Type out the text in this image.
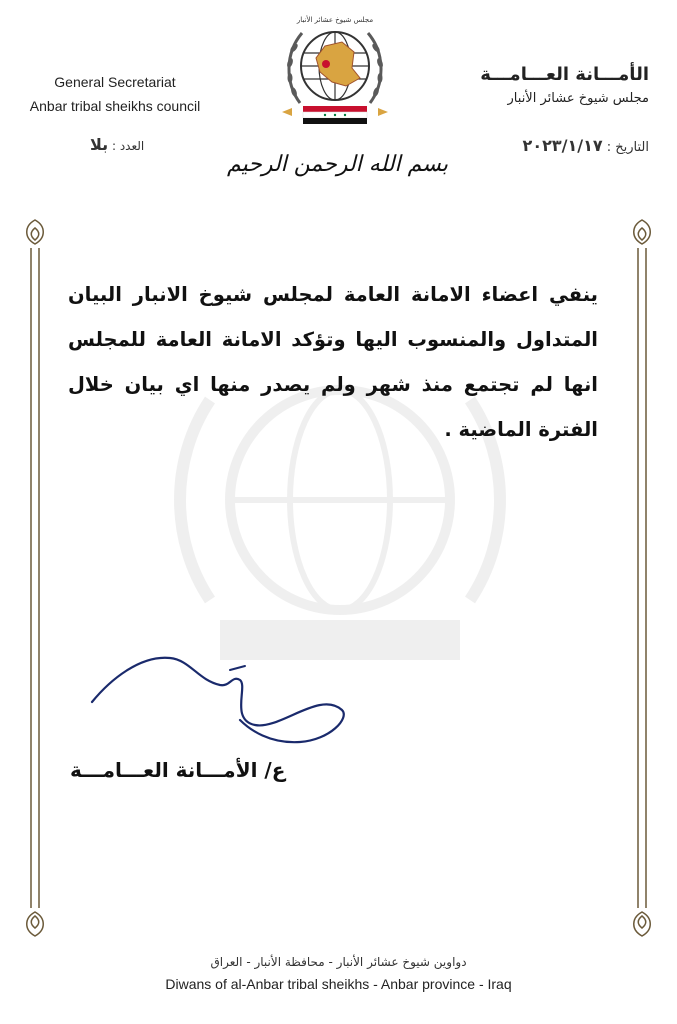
General Secretariat
Anbar tribal sheikhs council
الأمـــانة العـــامـــة
مجلس شيوخ عشائر الأنبار
مجلس شيوخ عشائر الأنبار
العدد : بلا	التاريخ : ٢٠٢٣/١/١٧
بسم الله الرحمن الرحيم
ينفي اعضاء الامانة العامة لمجلس شيوخ الانبار البيان المتداول والمنسوب اليها وتؤكد الامانة العامة للمجلس انها لم تجتمع منذ شهر ولم يصدر منها اي بيان خلال الفترة الماضية .
ع/ الأمـــانة العـــامـــة
دواوين شيوخ عشائر الأنبار - محافظة الأنبار - العراق
Diwans of al-Anbar tribal sheikhs - Anbar province - Iraq
